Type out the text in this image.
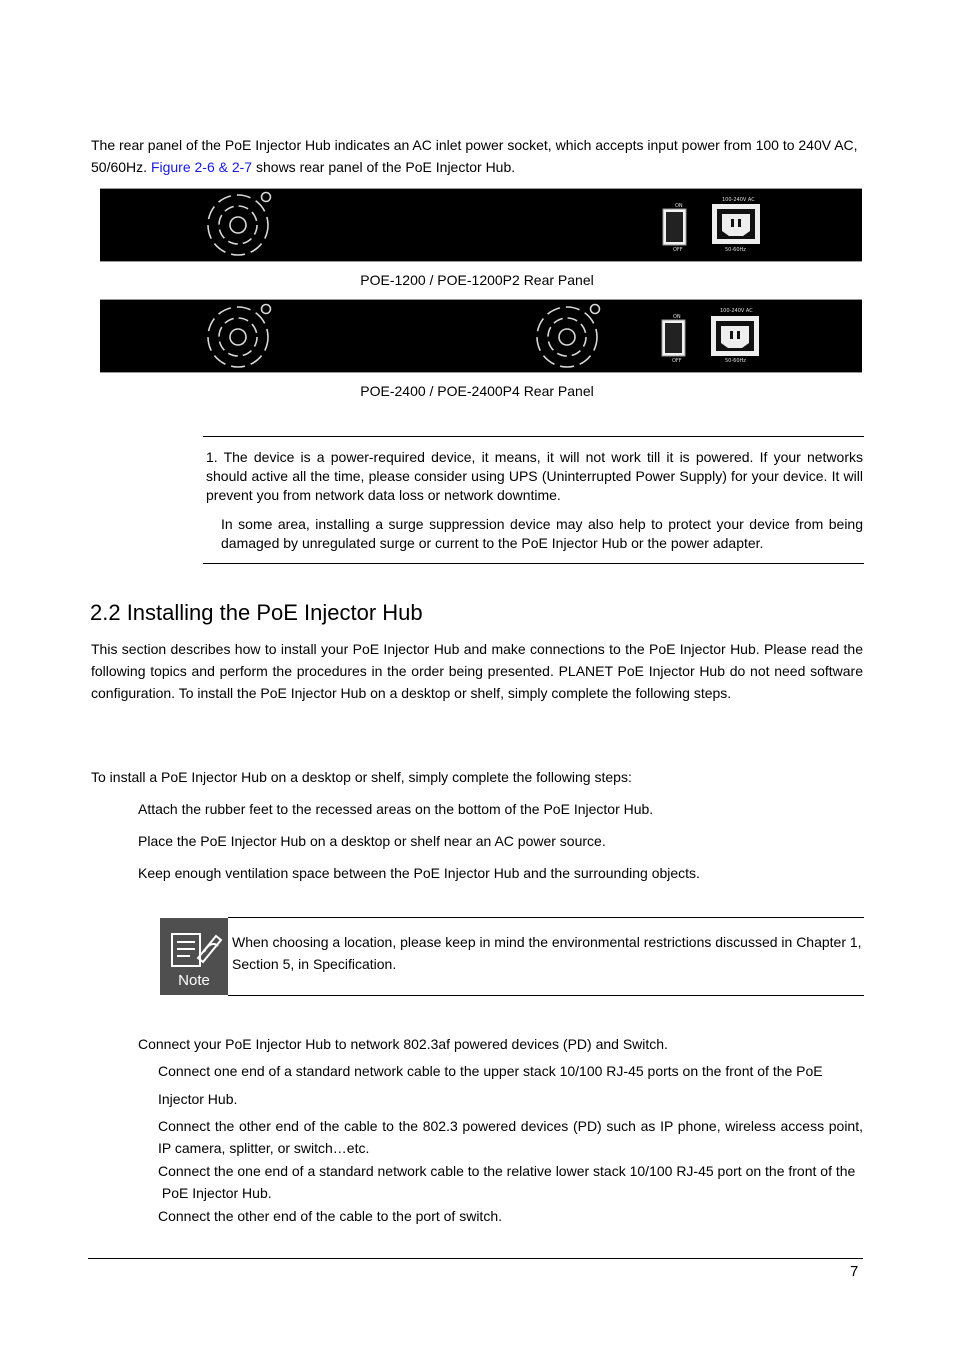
The rear panel of the PoE Injector Hub indicates an AC inlet power socket, which accepts input power from 100 to 240V AC, 50/60Hz. Figure 2-6 & 2-7 shows rear panel of the PoE Injector Hub.
ON
OFF
100-240V AC
50-60Hz
POE-1200 / POE-1200P2 Rear Panel
ON
OFF
100-240V AC
50-60Hz
POE-2400 / POE-2400P4 Rear Panel
1. The device is a power-required device, it means, it will not work till it is powered. If your networks should active all the time, please consider using UPS (Uninterrupted Power Supply) for your device. It will prevent you from network data loss or network downtime.
In some area, installing a surge suppression device may also help to protect your device from being damaged by unregulated surge or current to the PoE Injector Hub or the power adapter.
2.2 Installing the PoE Injector Hub
This section describes how to install your PoE Injector Hub and make connections to the PoE Injector Hub. Please read the following topics and perform the procedures in the order being presented. PLANET PoE Injector Hub do not need software configuration. To install the PoE Injector Hub on a desktop or shelf, simply complete the following steps.
To install a PoE Injector Hub on a desktop or shelf, simply complete the following steps:
Attach the rubber feet to the recessed areas on the bottom of the PoE Injector Hub.
Place the PoE Injector Hub on a desktop or shelf near an AC power source.
Keep enough ventilation space between the PoE Injector Hub and the surrounding objects.
Note
When choosing a location, please keep in mind the environmental restrictions discussed in Chapter 1, Section 5, in Specification.
Connect your PoE Injector Hub to network 802.3af powered devices (PD) and Switch.
Connect one end of a standard network cable to the upper stack 10/100 RJ-45 ports on the front of the PoE
Injector Hub.
Connect the other end of the cable to the 802.3 powered devices (PD) such as IP phone, wireless access point, IP camera, splitter, or switch…etc.
Connect the one end of a standard network cable to the relative lower stack 10/100 RJ-45 port on the front of the
PoE Injector Hub.
Connect the other end of the cable to the port of switch.
7
